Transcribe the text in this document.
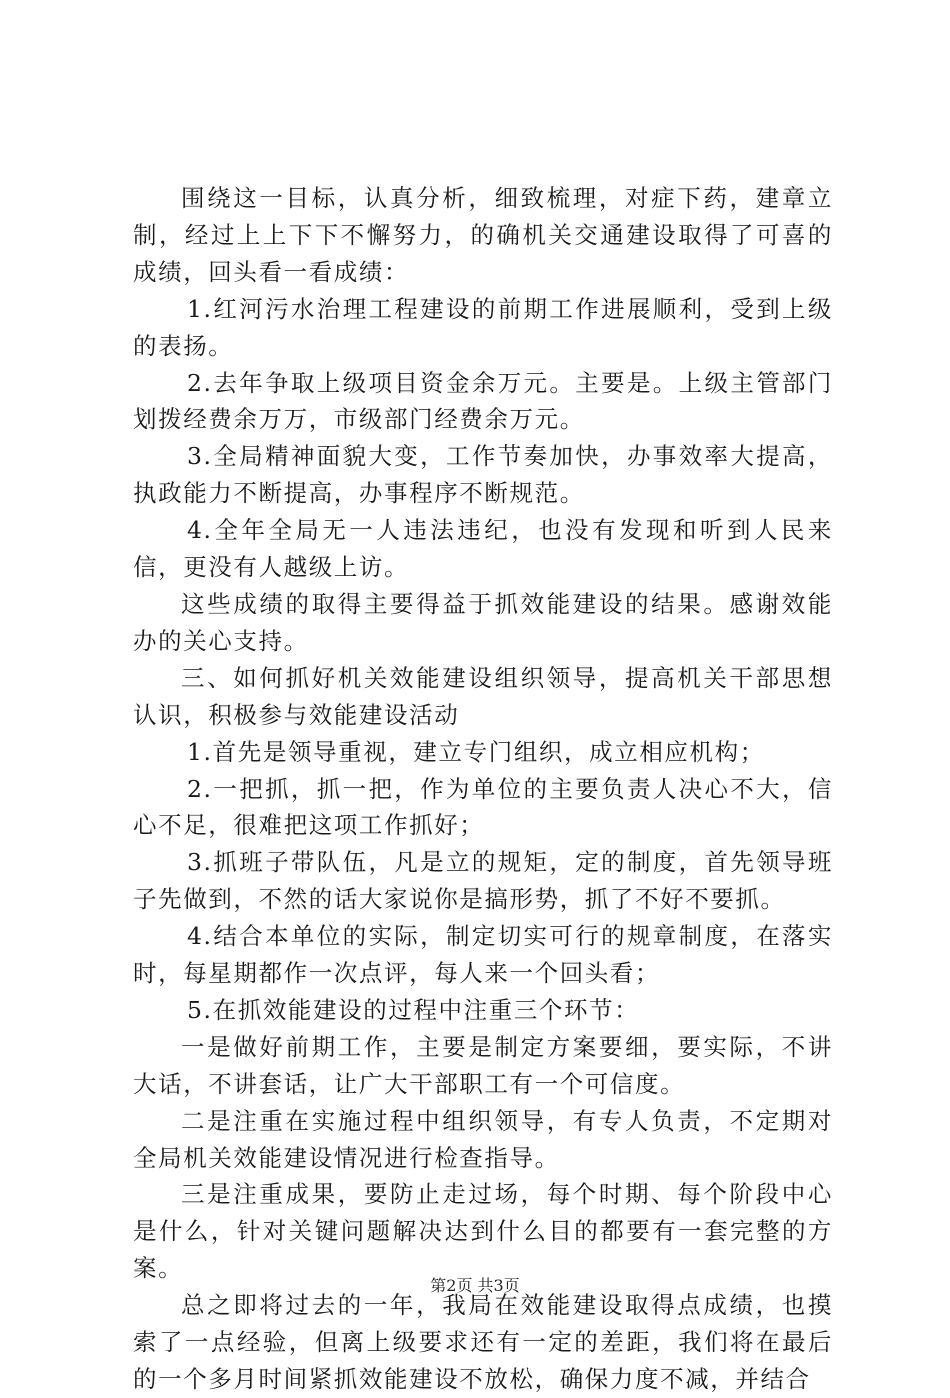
围绕这一目标，认真分析，细致梳理，对症下药，建章立制，经过上上下下不懈努力，的确机关交通建设取得了可喜的成绩，回头看一看成绩：

1.红河污水治理工程建设的前期工作进展顺利，受到上级的表扬。

2.去年争取上级项目资金余万元。主要是。上级主管部门划拨经费余万万，市级部门经费余万元。

3.全局精神面貌大变，工作节奏加快，办事效率大提高，执政能力不断提高，办事程序不断规范。

4.全年全局无一人违法违纪，也没有发现和听到人民来信，更没有人越级上访。

这些成绩的取得主要得益于抓效能建设的结果。感谢效能办的关心支持。

三、如何抓好机关效能建设组织领导，提高机关干部思想认识，积极参与效能建设活动

1.首先是领导重视，建立专门组织，成立相应机构；

2.一把抓，抓一把，作为单位的主要负责人决心不大，信心不足，很难把这项工作抓好；

3.抓班子带队伍，凡是立的规矩，定的制度，首先领导班子先做到，不然的话大家说你是搞形势，抓了不好不要抓。

4.结合本单位的实际，制定切实可行的规章制度，在落实时，每星期都作一次点评，每人来一个回头看；

5.在抓效能建设的过程中注重三个环节：

一是做好前期工作，主要是制定方案要细，要实际，不讲大话，不讲套话，让广大干部职工有一个可信度。

二是注重在实施过程中组织领导，有专人负责，不定期对全局机关效能建设情况进行检查指导。

三是注重成果，要防止走过场，每个时期、每个阶段中心是什么，针对关键问题解决达到什么目的都要有一套完整的方案。

总之即将过去的一年，我局在效能建设取得点成绩，也摸索了一点经验，但离上级要求还有一定的差距，我们将在最后的一个多月时间紧抓效能建设不放松，确保力度不减，并结合

第2页 共3页
